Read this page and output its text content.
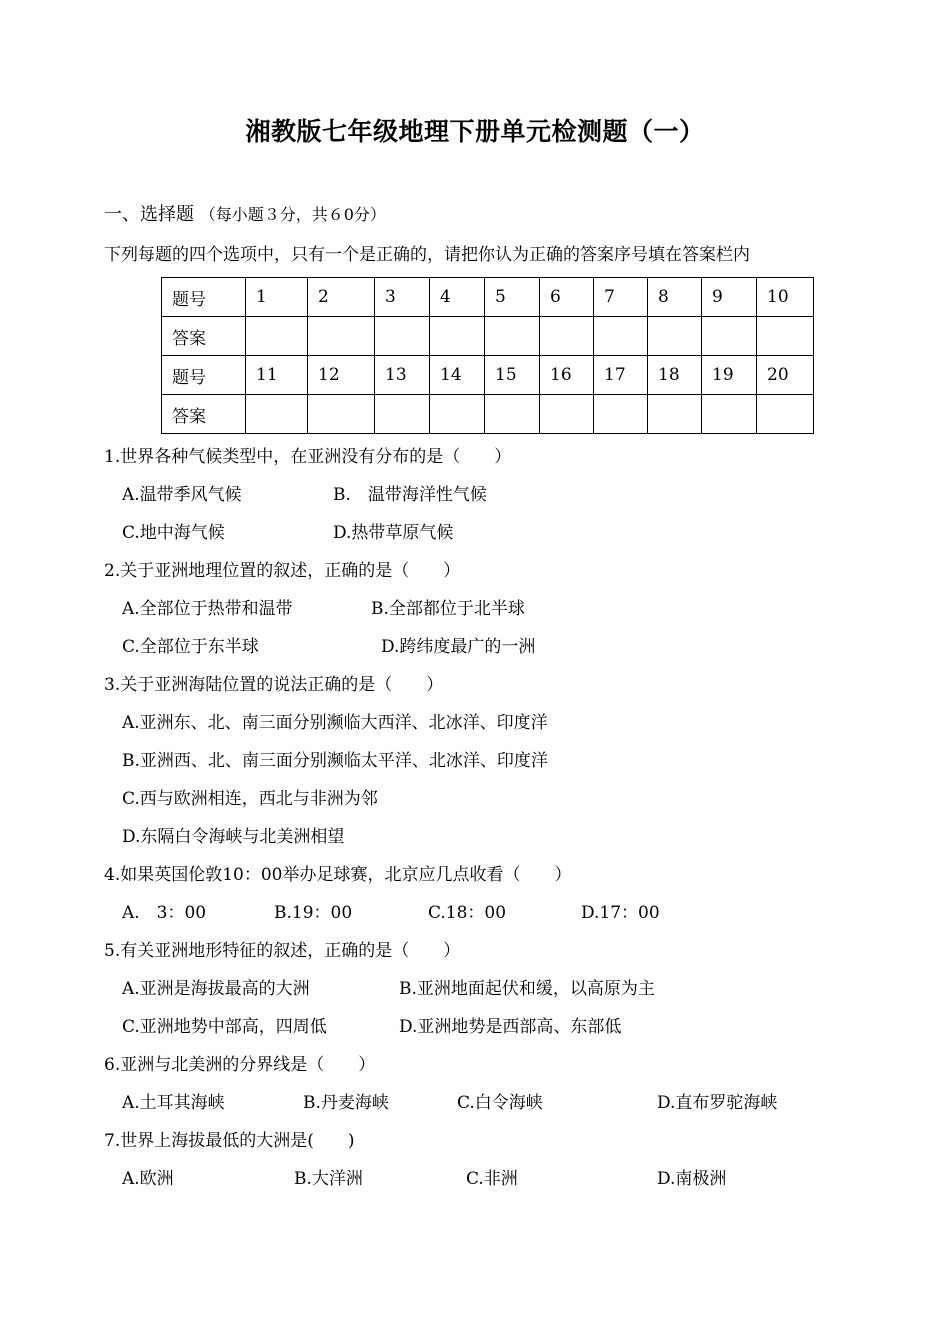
湘教版七年级地理下册单元检测题（一）
一、选择题 （每小题３分，共６0分）
下列每题的四个选项中，只有一个是正确的，请把你认为正确的答案序号填在答案栏内
题号	1	2	3	4	5	6	7	8	9	10
答案										
题号	11	12	13	14	15	16	17	18	19	20
答案										
1.世界各种气候类型中，在亚洲没有分布的是（　　）
A.温带季风气候	B.　温带海洋性气候
C.地中海气候	D.热带草原气候
2.关于亚洲地理位置的叙述，正确的是（　　）
A.全部位于热带和温带	B.全部都位于北半球
C.全部位于东半球	D.跨纬度最广的一洲
3.关于亚洲海陆位置的说法正确的是（　　）
A.亚洲东、北、南三面分别濒临大西洋、北冰洋、印度洋
B.亚洲西、北、南三面分别濒临太平洋、北冰洋、印度洋
C.西与欧洲相连，西北与非洲为邻
D.东隔白令海峡与北美洲相望
4.如果英国伦敦10：00举办足球赛，北京应几点收看（　　）
A.　3：00	B.19：00	C.18：00	D.17：00
5.有关亚洲地形特征的叙述，正确的是（　　）
A.亚洲是海拔最高的大洲	B.亚洲地面起伏和缓，以高原为主
C.亚洲地势中部高，四周低	D.亚洲地势是西部高、东部低
6.亚洲与北美洲的分界线是（　　）
A.土耳其海峡	B.丹麦海峡	C.白令海峡	D.直布罗驼海峡
7.世界上海拔最低的大洲是(　　)
A.欧洲	B.大洋洲	C.非洲	D.南极洲
